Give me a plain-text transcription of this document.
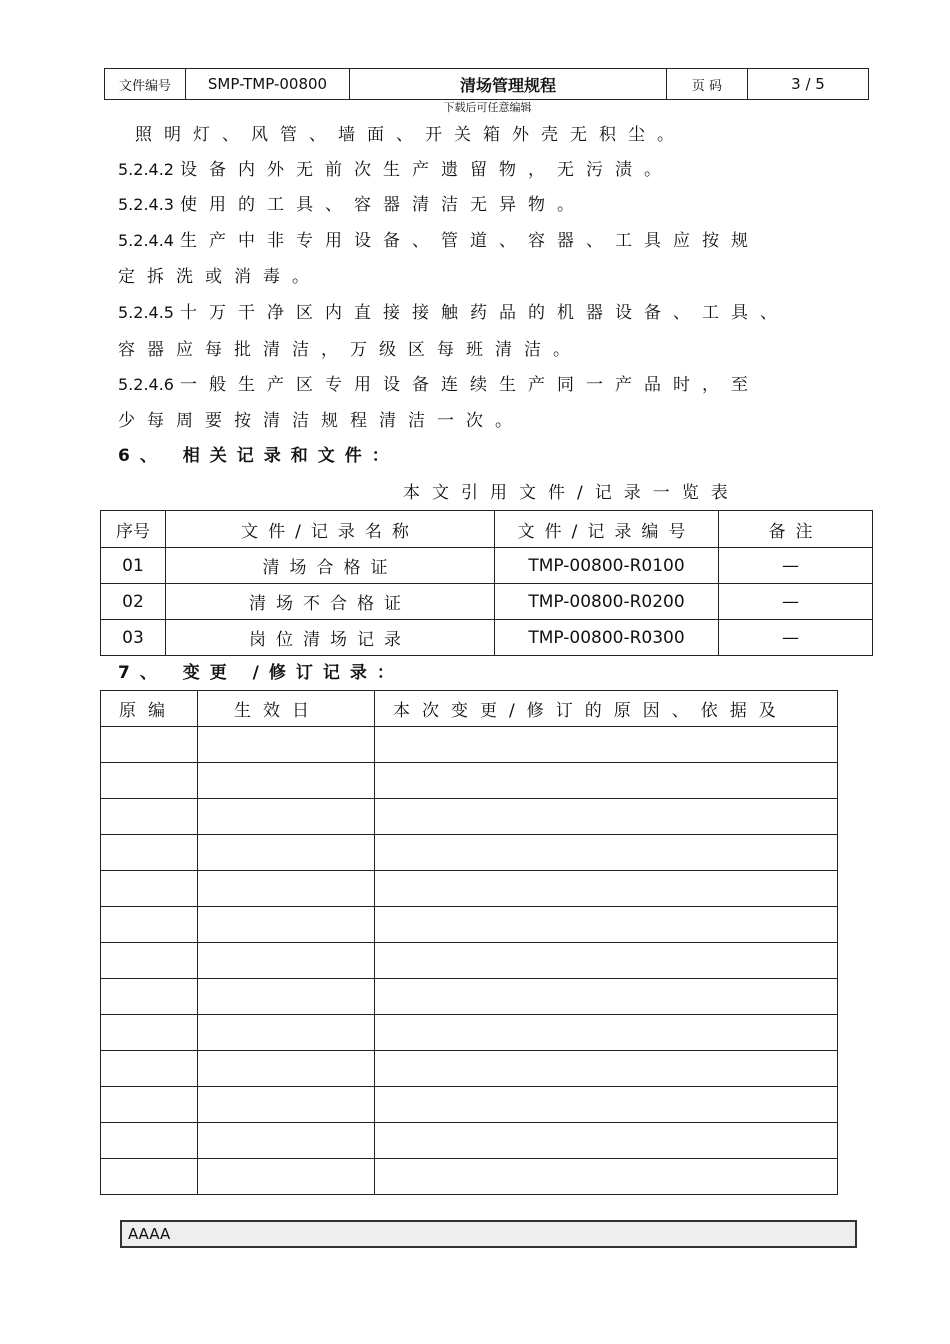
文件编号	SMP-TMP-00800	清场管理规程	页 码	3 / 5
下载后可任意编辑
照明灯、风管、墙面、开关箱外壳无积尘。
5.2.4.2 设备内外无前次生产遗留物，无污渍。
5.2.4.3 使用的工具、容器清洁无异物。
5.2.4.4 生产中非专用设备、管道、容器、工具应按规
定拆洗或消毒。
5.2.4.5 十万干净区内直接接触药品的机器设备、工具、
容器应每批清洁，万级区每班清洁。
5.2.4.6 一般生产区专用设备连续生产同一产品时，至
少每周要按清洁规程清洁一次。
6、 相关记录和文件：
本文引用文件/记录一览表
序号	文件/记录名称	文件/记录编号	备注
01	清场合格证	TMP-00800-R0100	—
02	清场不合格证	TMP-00800-R0200	—
03	岗位清场记录	TMP-00800-R0300	—
7、 变更 /修订记录：
原编	生效日	本次变更/修订的原因、依据及

AAAA
